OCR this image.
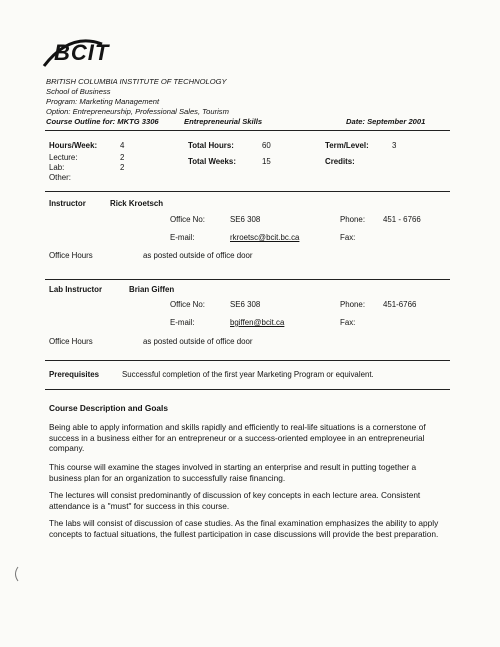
BCIT
BRITISH COLUMBIA INSTITUTE OF TECHNOLOGY
School of Business
Program: Marketing Management
Option: Entrepreneurship, Professional Sales, Tourism
Course Outline for: MKTG 3306	Entrepreneurial Skills	Date: September 2001
Hours/Week:	4	Total Hours:	60	Term/Level:	3
Lecture:	2	Total Weeks:	15	Credits:
Lab:	2
Other:
Instructor	Rick Kroetsch
Office No:	SE6 308	Phone: 451 - 6766
E-mail:	rkroetsc@bcit.bc.ca	Fax:
Office Hours	as posted outside of office door
Lab Instructor	Brian Giffen
Office No:	SE6 308	Phone: 451-6766
E-mail:	bgiffen@bcit.ca	Fax:
Office Hours	as posted outside of office door
Prerequisites	Successful completion of the first year Marketing Program or equivalent.
Course Description and Goals
Being able to apply information and skills rapidly and efficiently to real-life situations is a cornerstone of success in a business either for an entrepreneur or a success-oriented employee in an entrepreneurial company.
This course will examine the stages involved in starting an enterprise and result in putting together a business plan for an organization to successfully raise financing.
The lectures will consist predominantly of discussion of key concepts in each lecture area. Consistent attendance is a "must" for success in this course.
The labs will consist of discussion of case studies. As the final examination emphasizes the ability to apply concepts to factual situations, the fullest participation in case discussions will provide the best preparation.
